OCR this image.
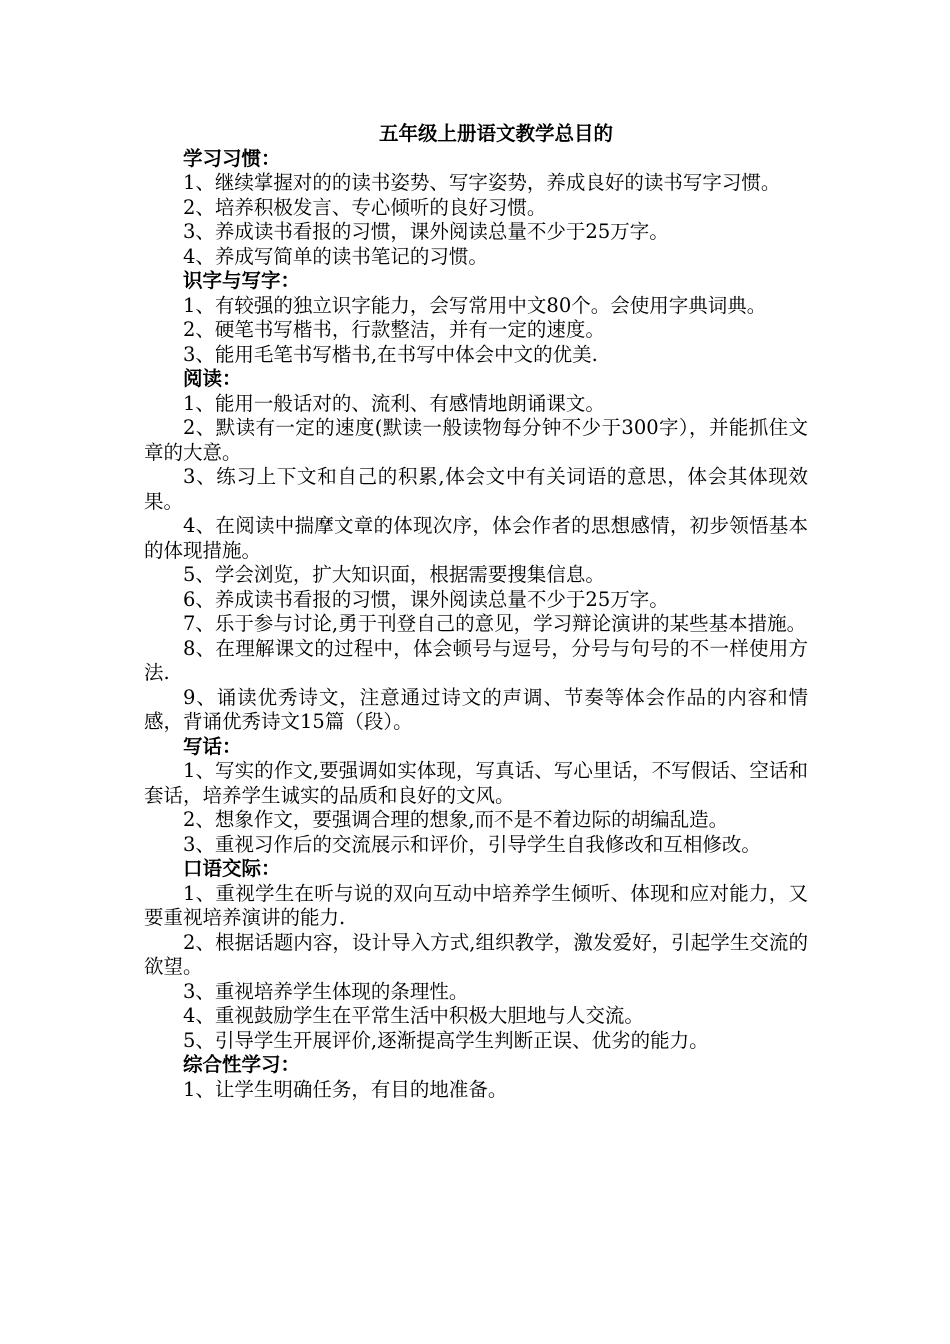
五年级上册语文教学总目的

学习习惯：

1、继续掌握对的的读书姿势、写字姿势，养成良好的读书写字习惯。

2、培养积极发言、专心倾听的良好习惯。

3、养成读书看报的习惯，课外阅读总量不少于25万字。

4、养成写简单的读书笔记的习惯。

识字与写字：

1、有较强的独立识字能力，会写常用中文80个。会使用字典词典。

2、硬笔书写楷书，行款整洁，并有一定的速度。

3、能用毛笔书写楷书,在书写中体会中文的优美.

阅读：

1、能用一般话对的、流利、有感情地朗诵课文。

2、默读有一定的速度(默读一般读物每分钟不少于300字），并能抓住文章的大意。

3、练习上下文和自己的积累,体会文中有关词语的意思，体会其体现效果。

4、在阅读中揣摩文章的体现次序，体会作者的思想感情，初步领悟基本的体现措施。

5、学会浏览，扩大知识面，根据需要搜集信息。

6、养成读书看报的习惯，课外阅读总量不少于25万字。

7、乐于参与讨论,勇于刊登自己的意见，学习辩论演讲的某些基本措施。

8、在理解课文的过程中，体会顿号与逗号，分号与句号的不一样使用方法.

9、诵读优秀诗文，注意通过诗文的声调、节奏等体会作品的内容和情感，背诵优秀诗文15篇（段）。

写话：

1、写实的作文,要强调如实体现，写真话、写心里话，不写假话、空话和套话，培养学生诚实的品质和良好的文风。

2、想象作文，要强调合理的想象,而不是不着边际的胡编乱造。

3、重视习作后的交流展示和评价，引导学生自我修改和互相修改。

口语交际：

1、重视学生在听与说的双向互动中培养学生倾听、体现和应对能力，又要重视培养演讲的能力.

2、根据话题内容，设计导入方式,组织教学，激发爱好，引起学生交流的欲望。

3、重视培养学生体现的条理性。

4、重视鼓励学生在平常生活中积极大胆地与人交流。

5、引导学生开展评价,逐渐提高学生判断正误、优劣的能力。

综合性学习：

1、让学生明确任务，有目的地准备。
